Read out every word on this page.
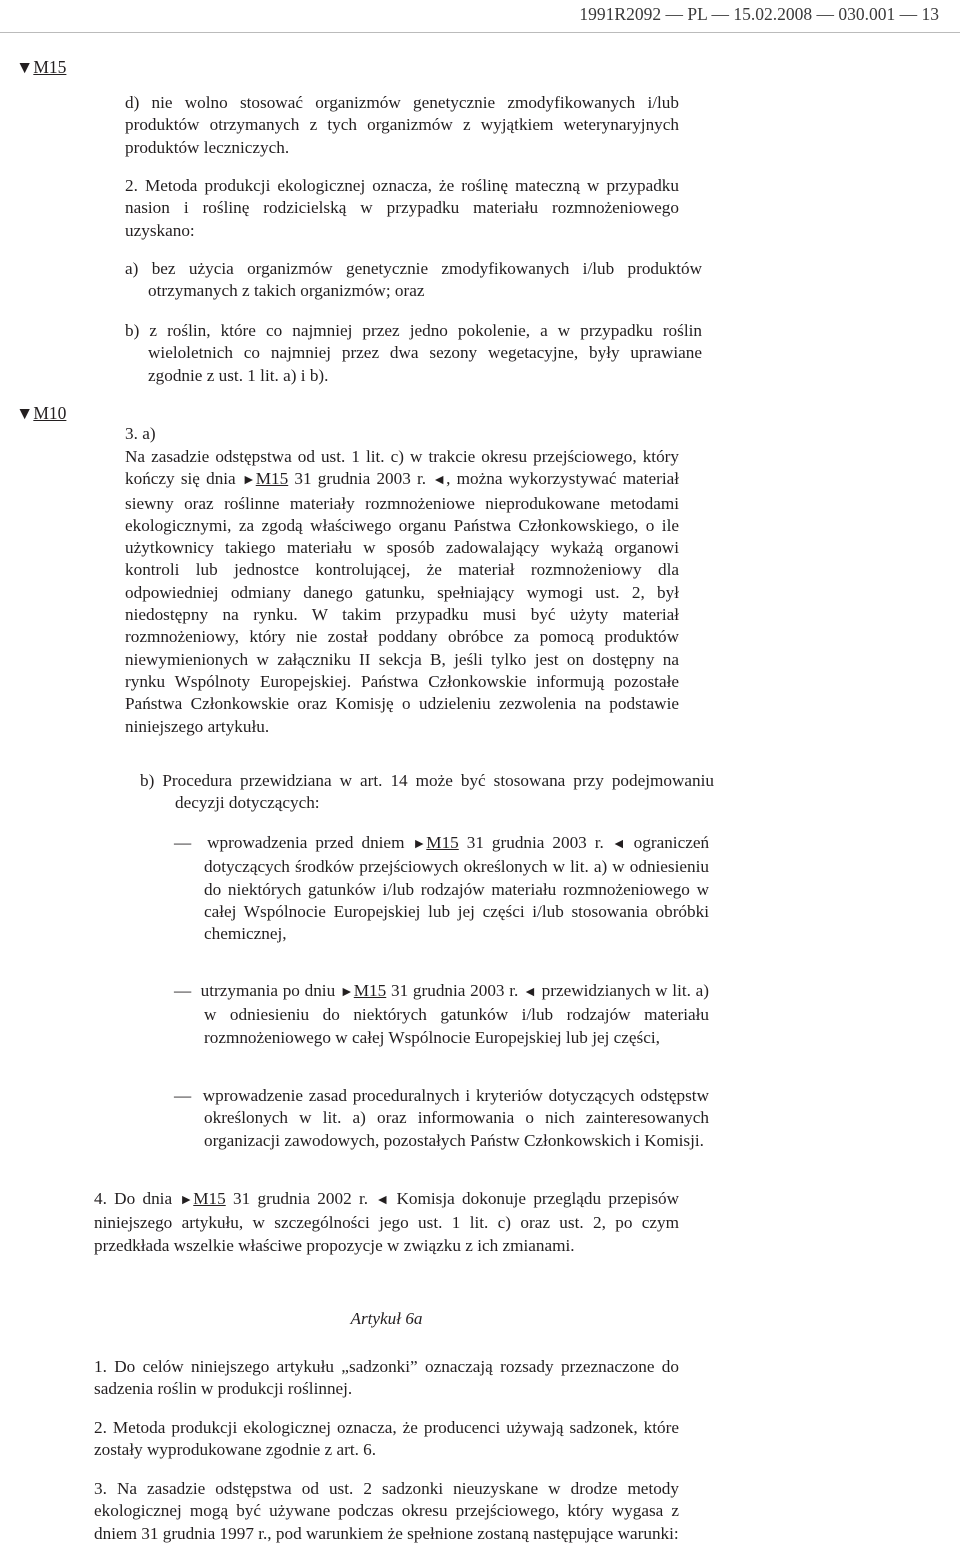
1991R2092 — PL — 15.02.2008 — 030.001 — 13
▼M15
▼M10

d) nie wolno stosować organizmów genetycznie zmodyfikowanych i/lub produktów otrzymanych z tych organizmów z wyjątkiem weterynaryjnych produktów leczniczych.

2. Metoda produkcji ekologicznej oznacza, że roślinę mateczną w przypadku nasion i roślinę rodzicielską w przypadku materiału rozmnożeniowego uzyskano:

a) bez użycia organizmów genetycznie zmodyfikowanych i/lub produktów otrzymanych z takich organizmów; oraz

b) z roślin, które co najmniej przez jedno pokolenie, a w przypadku roślin wieloletnich co najmniej przez dwa sezony wegetacyjne, były uprawiane zgodnie z ust. 1 lit. a) i b).

3. a)

Na zasadzie odstępstwa od ust. 1 lit. c) w trakcie okresu przejściowego, który kończy się dnia ►M15 31 grudnia 2003 r. ◄, można wykorzystywać materiał siewny oraz roślinne materiały rozmnożeniowe nieprodukowane metodami ekologicznymi, za zgodą właściwego organu Państwa Członkowskiego, o ile użytkownicy takiego materiału w sposób zadowalający wykażą organowi kontroli lub jednostce kontrolującej, że materiał rozmnożeniowy dla odpowiedniej odmiany danego gatunku, spełniający wymogi ust. 2, był niedostępny na rynku. W takim przypadku musi być użyty materiał rozmnożeniowy, który nie został poddany obróbce za pomocą produktów niewymienionych w załączniku II sekcja B, jeśli tylko jest on dostępny na rynku Wspólnoty Europejskiej. Państwa Członkowskie informują pozostałe Państwa Członkowskie oraz Komisję o udzieleniu zezwolenia na podstawie niniejszego artykułu.

b) Procedura przewidziana w art. 14 może być stosowana przy podejmowaniu decyzji dotyczących:

—  wprowadzenia przed dniem ►M15 31 grudnia 2003 r. ◄ ograniczeń dotyczących środków przejściowych określonych w lit. a) w odniesieniu do niektórych gatunków i/lub rodzajów materiału rozmnożeniowego w całej Wspólnocie Europejskiej lub jej części i/lub stosowania obróbki chemicznej,

—  utrzymania po dniu ►M15 31 grudnia 2003 r. ◄ przewidzianych w lit. a) w odniesieniu do niektórych gatunków i/lub rodzajów materiału rozmnożeniowego w całej Wspólnocie Europejskiej lub jej części,

—  wprowadzenie zasad proceduralnych i kryteriów dotyczących odstępstw określonych w lit. a) oraz informowania o nich zainteresowanych organizacji zawodowych, pozostałych Państw Członkowskich i Komisji.

4. Do dnia ►M15 31 grudnia 2002 r. ◄ Komisja dokonuje przeglądu przepisów niniejszego artykułu, w szczególności jego ust. 1 lit. c) oraz ust. 2, po czym przedkłada wszelkie właściwe propozycje w związku z ich zmianami.

Artykuł 6a

1. Do celów niniejszego artykułu „sadzonki” oznaczają rozsady przeznaczone do sadzenia roślin w produkcji roślinnej.

2. Metoda produkcji ekologicznej oznacza, że producenci używają sadzonek, które zostały wyprodukowane zgodnie z art. 6.

3. Na zasadzie odstępstwa od ust. 2 sadzonki nieuzyskane w drodze metody ekologicznej mogą być używane podczas okresu przejściowego, który wygasa z dniem 31 grudnia 1997 r., pod warunkiem że spełnione zostaną następujące warunki:
